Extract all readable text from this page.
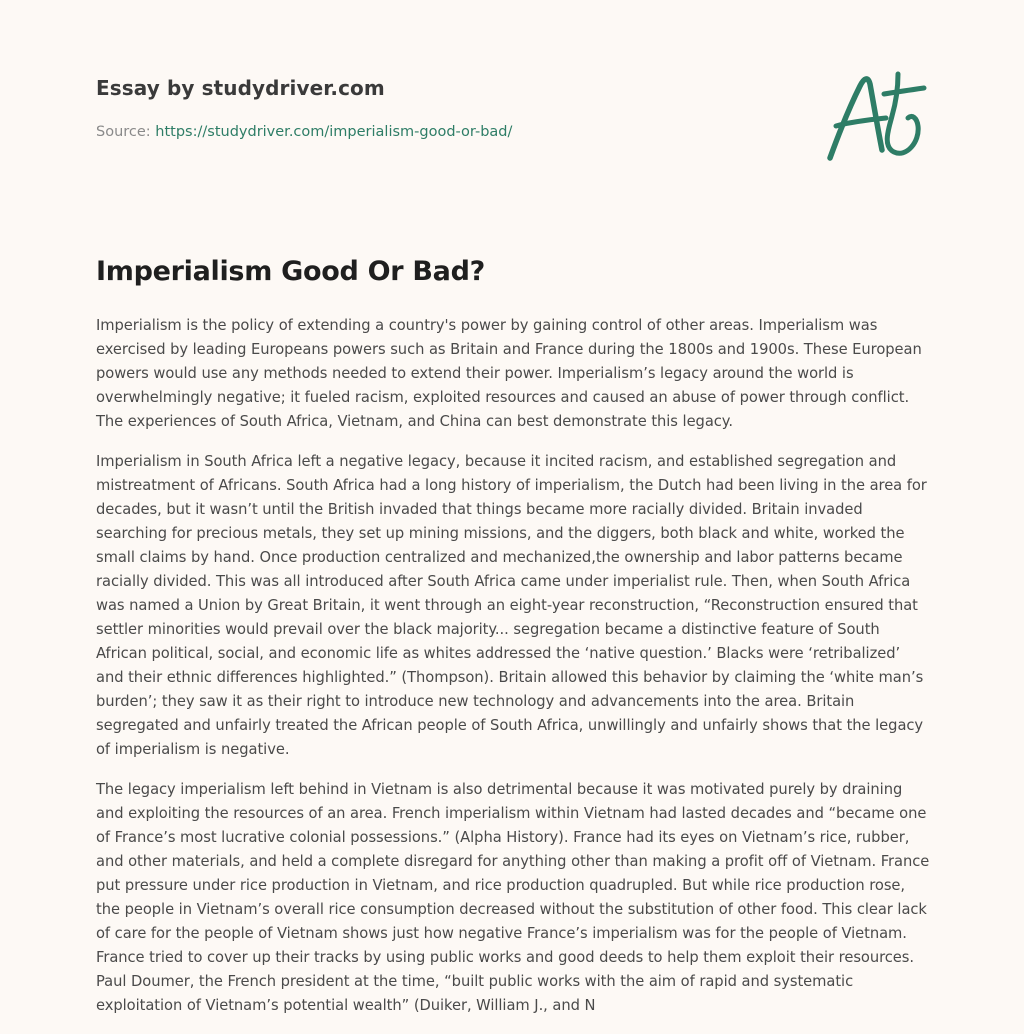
Essay by studydriver.com
Source: https://studydriver.com/imperialism-good-or-bad/
Imperialism Good Or Bad?

Imperialism is the policy of extending a country's power by gaining control of other areas. Imperialism was exercised by leading Europeans powers such as Britain and France during the 1800s and 1900s. These European powers would use any methods needed to extend their power. Imperialism’s legacy around the world is overwhelmingly negative; it fueled racism, exploited resources and caused an abuse of power through conflict. The experiences of South Africa, Vietnam, and China can best demonstrate this legacy.

Imperialism in South Africa left a negative legacy, because it incited racism, and established segregation and mistreatment of Africans. South Africa had a long history of imperialism, the Dutch had been living in the area for decades, but it wasn’t until the British invaded that things became more racially divided. Britain invaded searching for precious metals, they set up mining missions, and the diggers, both black and white, worked the small claims by hand. Once production centralized and mechanized,the ownership and labor patterns became racially divided. This was all introduced after South Africa came under imperialist rule. Then, when South Africa was named a Union by Great Britain, it went through an eight-year reconstruction, “Reconstruction ensured that settler minorities would prevail over the black majority... segregation became a distinctive feature of South African political, social, and economic life as whites addressed the ‘native question.’ Blacks were ‘retribalized’ and their ethnic differences highlighted.” (Thompson). Britain allowed this behavior by claiming the ‘white man’s burden’; they saw it as their right to introduce new technology and advancements into the area. Britain segregated and unfairly treated the African people of South Africa, unwillingly and unfairly shows that the legacy of imperialism is negative.

The legacy imperialism left behind in Vietnam is also detrimental because it was motivated purely by draining and exploiting the resources of an area. French imperialism within Vietnam had lasted decades and “became one of France’s most lucrative colonial possessions.” (Alpha History). France had its eyes on Vietnam’s rice, rubber, and other materials, and held a complete disregard for anything other than making a profit off of Vietnam. France put pressure under rice production in Vietnam, and rice production quadrupled. But while rice production rose, the people in Vietnam’s overall rice consumption decreased without the substitution of other food. This clear lack of care for the people of Vietnam shows just how negative France’s imperialism was for the people of Vietnam. France tried to cover up their tracks by using public works and good deeds to help them exploit their resources. Paul Doumer, the French president at the time, “built public works with the aim of rapid and systematic exploitation of Vietnam’s potential wealth” (Duiker, William J., and N
